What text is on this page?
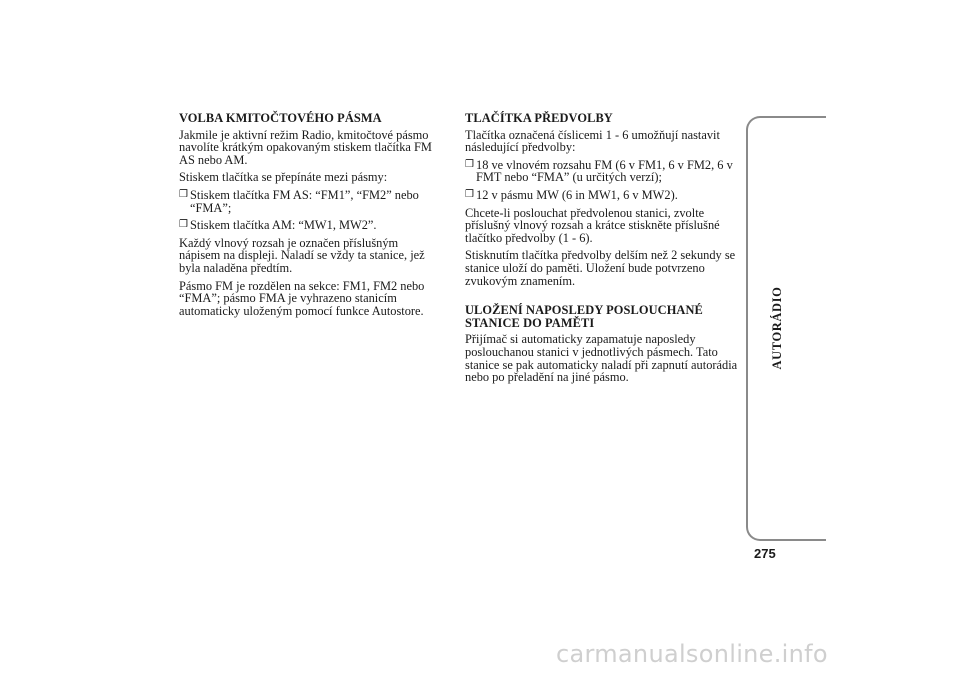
VOLBA KMITOČTOVÉHO PÁSMA

Jakmile je aktivní režim Radio, kmitočtové pásmo navolíte krátkým opakovaným stiskem tlačítka FM AS nebo AM.

Stiskem tlačítka se přepínáte mezi pásmy:

❒ Stiskem tlačítka FM AS: “FM1”, “FM2” nebo “FMA”;
❒ Stiskem tlačítka AM: “MW1, MW2”.

Každý vlnový rozsah je označen příslušným nápisem na displeji. Naladí se vždy ta stanice, jež byla naladěna předtím.

Pásmo FM je rozdělen na sekce: FM1, FM2 nebo “FMA”; pásmo FMA je vyhrazeno stanicím automaticky uloženým pomocí funkce Autostore.

TLAČÍTKA PŘEDVOLBY

Tlačítka označená číslicemi 1 - 6 umožňují nastavit následující předvolby:

❒ 18 ve vlnovém rozsahu FM (6 v FM1, 6 v FM2, 6 v FMT nebo “FMA” (u určitých verzí);
❒ 12 v pásmu MW (6 in MW1, 6 v MW2).

Chcete-li poslouchat předvolenou stanici, zvolte příslušný vlnový rozsah a krátce stiskněte příslušné tlačítko předvolby (1 - 6).

Stisknutím tlačítka předvolby delším než 2 sekundy se stanice uloží do paměti. Uložení bude potvrzeno zvukovým znamením.

ULOŽENÍ NAPOSLEDY POSLOUCHANÉ STANICE DO PAMĚTI

Přijímač si automaticky zapamatuje naposledy poslouchanou stanici v jednotlivých pásmech. Tato stanice se pak automaticky naladí při zapnutí autorádia nebo po přeladění na jiné pásmo.

AUTORÁDIO
275
carmanualsonline.info
